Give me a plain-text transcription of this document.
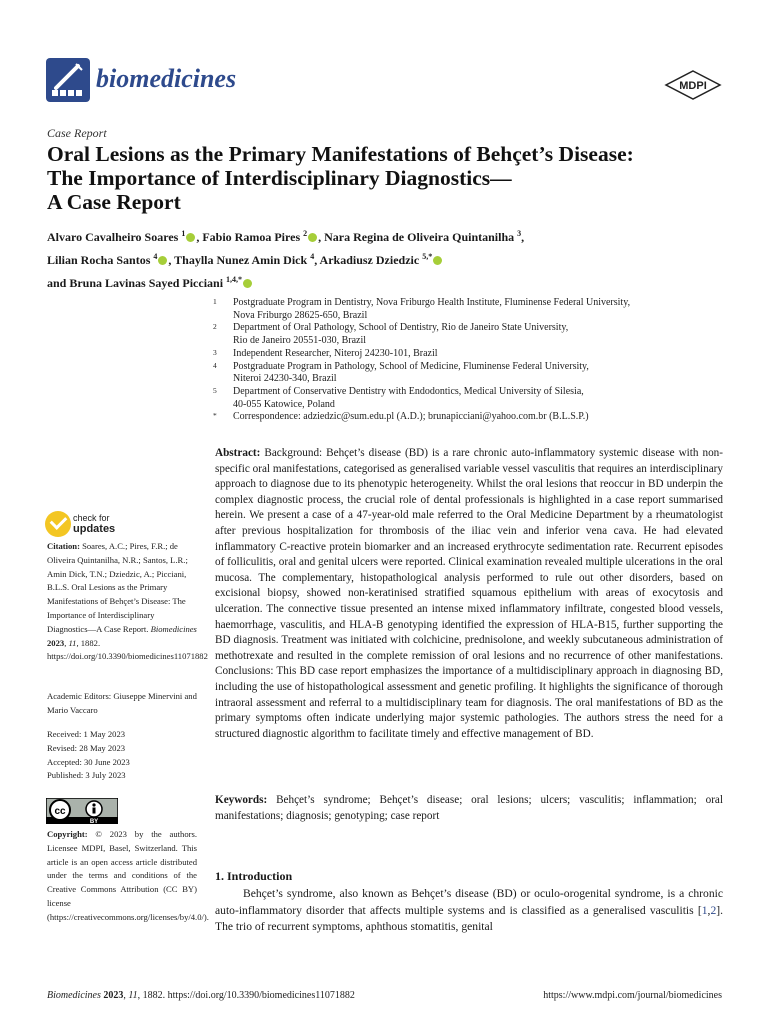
biomedicines	MDPI
Case Report
Oral Lesions as the Primary Manifestations of Behçet’s Disease:
The Importance of Interdisciplinary Diagnostics—
A Case Report
Alvaro Cavalheiro Soares $^1$ , Fabio Ramoa Pires $^2$ , Nara Regina de Oliveira Quintanilha $^3$,
Lilian Rocha Santos $^4$ , Thaylla Nunez Amin Dick $^4$, Arkadiusz Dziedzic $^{5,*}$
and Bruna Lavinas Sayed Picciani $^{1,4,*}$
1 Postgraduate Program in Dentistry, Nova Friburgo Health Institute, Fluminense Federal University,
Nova Friburgo 28625-650, Brazil
2 Department of Oral Pathology, School of Dentistry, Rio de Janeiro State University,
Rio de Janeiro 20551-030, Brazil
3 Independent Researcher, Niteroj 24230-101, Brazil
4 Postgraduate Program in Pathology, School of Medicine, Fluminense Federal University,
Niteroi 24230-340, Brazil
5 Department of Conservative Dentistry with Endodontics, Medical University of Silesia,
40-055 Katowice, Poland
* Correspondence: adziedzic@sum.edu.pl (A.D.); brunapicciani@yahoo.com.br (B.L.S.P.)
Abstract: Background: Behçet’s disease (BD) is a rare chronic auto-inflammatory systemic disease with non-specific oral manifestations, categorised as generalised variable vessel vasculitis that requires an interdisciplinary approach to diagnose due to its phenotypic heterogeneity. Whilst the oral lesions that reoccur in BD underpin the complex diagnostic process, the crucial role of dental professionals is highlighted in a case report summarised herein. We present a case of a 47-year-old male referred to the Oral Medicine Department by a rheumatologist after previous hospitalization for thrombosis of the iliac vein and inferior vena cava. He had elevated inflammatory C-reactive protein biomarker and an increased erythrocyte sedimentation rate. Recurrent episodes of folliculitis, oral and genital ulcers were reported. Clinical examination revealed multiple ulcerations in the oral mucosa. The complementary, histopathological analysis performed to rule out other disorders, based on excisional biopsy, showed non-keratinised stratified squamous epithelium with areas of exocytosis and ulceration. The connective tissue presented an intense mixed inflammatory infiltrate, congested blood vessels, haemorrhage, vasculitis, and HLA-B genotyping identified the expression of HLA-B15, further supporting the BD diagnosis. Treatment was initiated with colchicine, prednisolone, and weekly subcutaneous administration of methotrexate and resulted in the complete remission of oral lesions and no recurrence of other manifestations. Conclusions: This BD case report emphasizes the importance of a multidisciplinary approach in diagnosing BD, including the use of histopathological assessment and genetic profiling. It highlights the significance of thorough intraoral assessment and referral to a multidisciplinary team for diagnosis. The oral manifestations of BD as the primary symptoms often indicate underlying major systemic pathologies. The authors stress the need for a structured diagnostic algorithm to facilitate timely and effective management of BD.
Keywords: Behçet’s syndrome; Behçet’s disease; oral lesions; ulcers; vasculitis; inflammation; oral manifestations; diagnosis; genotyping; case report
1. Introduction
Behçet’s syndrome, also known as Behçet’s disease (BD) or oculo-orogenital syndrome, is a chronic auto-inflammatory disorder that affects multiple systems and is classified as a generalised vasculitis [1,2]. The trio of recurrent symptoms, aphthous stomatitis, genital
check for
updates
Citation: Soares, A.C.; Pires, F.R.; de Oliveira Quintanilha, N.R.; Santos, L.R.; Amin Dick, T.N.; Dziedzic, A.; Picciani, B.L.S. Oral Lesions as the Primary Manifestations of Behçet’s Disease: The Importance of Interdisciplinary Diagnostics—A Case Report. Biomedicines 2023, 11, 1882. https://doi.org/10.3390/biomedicines11071882
Academic Editors: Giuseppe Minervini and Mario Vaccaro
Received: 1 May 2023
Revised: 28 May 2023
Accepted: 30 June 2023
Published: 3 July 2023
cc
BY
Copyright: © 2023 by the authors. Licensee MDPI, Basel, Switzerland. This article is an open access article distributed under the terms and conditions of the Creative Commons Attribution (CC BY) license (https://creativecommons.org/licenses/by/4.0/).
Biomedicines 2023, 11, 1882. https://doi.org/10.3390/biomedicines11071882	https://www.mdpi.com/journal/biomedicines
